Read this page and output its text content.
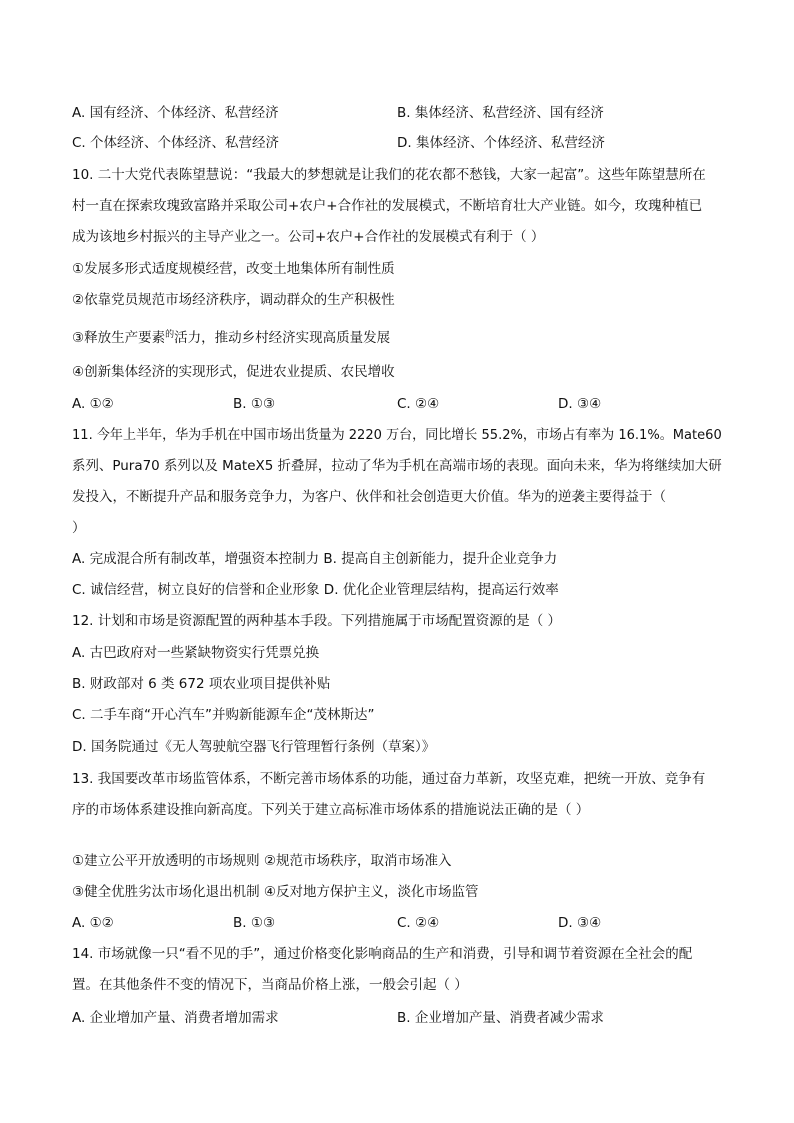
A. 国有经济、个体经济、私营经济	B. 集体经济、私营经济、国有经济
C. 个体经济、个体经济、私营经济	D. 集体经济、个体经济、私营经济
10. 二十大党代表陈望慧说：“我最大的梦想就是让我们的花农都不愁钱，大家一起富”。这些年陈望慧所在
村一直在探索玫瑰致富路并采取公司+农户+合作社的发展模式，不断培育壮大产业链。如今，玫瑰种植已
成为该地乡村振兴的主导产业之一。公司+农户+合作社的发展模式有利于（ ）
①发展多形式适度规模经营，改变土地集体所有制性质
②依靠党员规范市场经济秩序，调动群众的生产积极性
③释放生产要素$^的$活力，推动乡村经济实现高质量发展
④创新集体经济的实现形式，促进农业提质、农民增收
A. ①②	B. ①③	C. ②④	D. ③④
11. 今年上半年，华为手机在中国市场出货量为 2220 万台，同比增长 55.2%，市场占有率为 16.1%。Mate60
系列、Pura70 系列以及 MateX5 折叠屏，拉动了华为手机在高端市场的表现。面向未来，华为将继续加大研
发投入，不断提升产品和服务竞争力，为客户、伙伴和社会创造更大价值。华为的逆袭主要得益于（
）
A. 完成混合所有制改革，增强资本控制力 B. 提高自主创新能力，提升企业竞争力
C. 诚信经营，树立良好的信誉和企业形象 D. 优化企业管理层结构，提高运行效率
12. 计划和市场是资源配置的两种基本手段。下列措施属于市场配置资源的是（ ）
A. 古巴政府对一些紧缺物资实行凭票兑换
B. 财政部对 6 类 672 项农业项目提供补贴
C. 二手车商“开心汽车”并购新能源车企“茂林斯达”
D. 国务院通过《无人驾驶航空器飞行管理暂行条例（草案）》
13. 我国要改革市场监管体系，不断完善市场体系的功能，通过奋力革新，攻坚克难，把统一开放、竞争有
序的市场体系建设推向新高度。下列关于建立高标准市场体系的措施说法正确的是（ ）
①建立公平开放透明的市场规则 ②规范市场秩序，取消市场准入
③健全优胜劣汰市场化退出机制 ④反对地方保护主义，淡化市场监管
A. ①②	B. ①③	C. ②④	D. ③④
14. 市场就像一只“看不见的手”，通过价格变化影响商品的生产和消费，引导和调节着资源在全社会的配
置。在其他条件不变的情况下，当商品价格上涨，一般会引起（ ）
A. 企业增加产量、消费者增加需求	B. 企业增加产量、消费者减少需求
